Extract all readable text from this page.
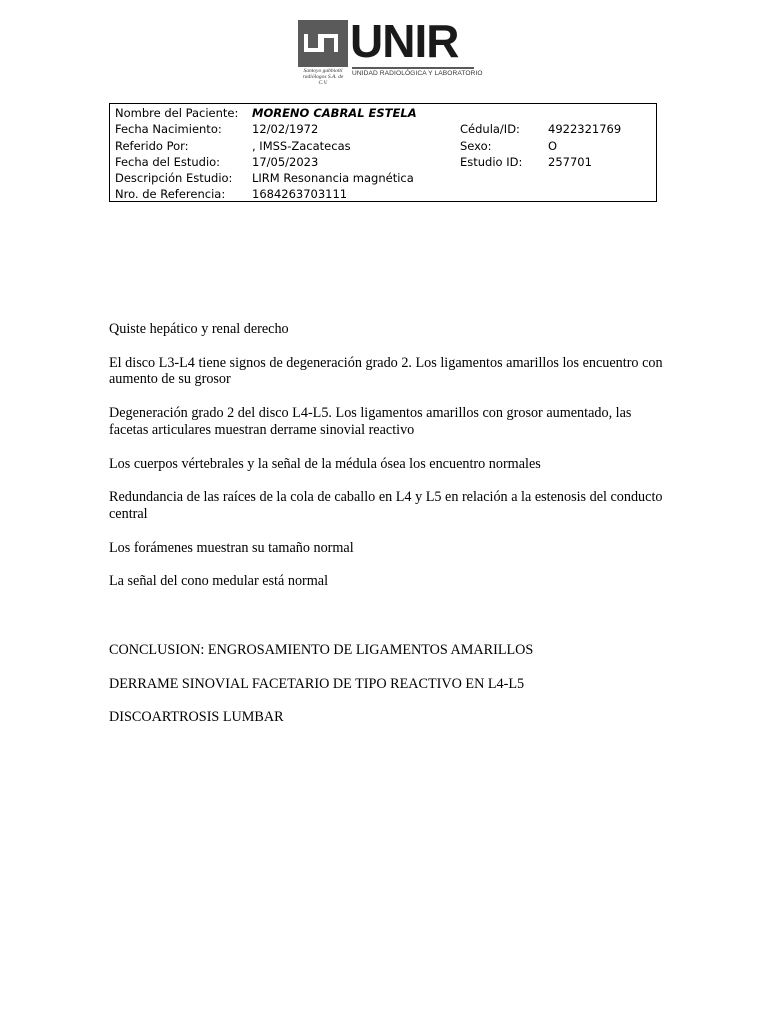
UNIR
UNIDAD RADIOLÓGICA Y LABORATORIO
Santoyo gabbiotti
radiólogos S.A. de C.V.
Nombre del Paciente: MORENO CABRAL ESTELA
Fecha Nacimiento:	12/02/1972	Cédula/ID: 4922321769
Referido Por:	, IMSS-Zacatecas	Sexo:	O
Fecha del Estudio:	17/05/2023	Estudio ID: 257701
Descripción Estudio: LIRM Resonancia magnética
Nro. de Referencia: 1684263703111

Quiste hepático y renal derecho

El disco L3-L4 tiene signos de degeneración grado 2. Los ligamentos amarillos los encuentro con aumento de su grosor

Degeneración grado 2 del disco L4-L5. Los ligamentos amarillos con grosor aumentado, las facetas articulares muestran derrame sinovial reactivo

Los cuerpos vértebrales y la señal de la médula ósea los encuentro normales

Redundancia de las raíces de la cola de caballo en L4 y L5 en relación a la estenosis del conducto central

Los forámenes muestran su tamaño normal

La señal del cono medular está normal

CONCLUSION: ENGROSAMIENTO DE LIGAMENTOS AMARILLOS

DERRAME SINOVIAL FACETARIO DE TIPO REACTIVO EN L4-L5

DISCOARTROSIS LUMBAR
